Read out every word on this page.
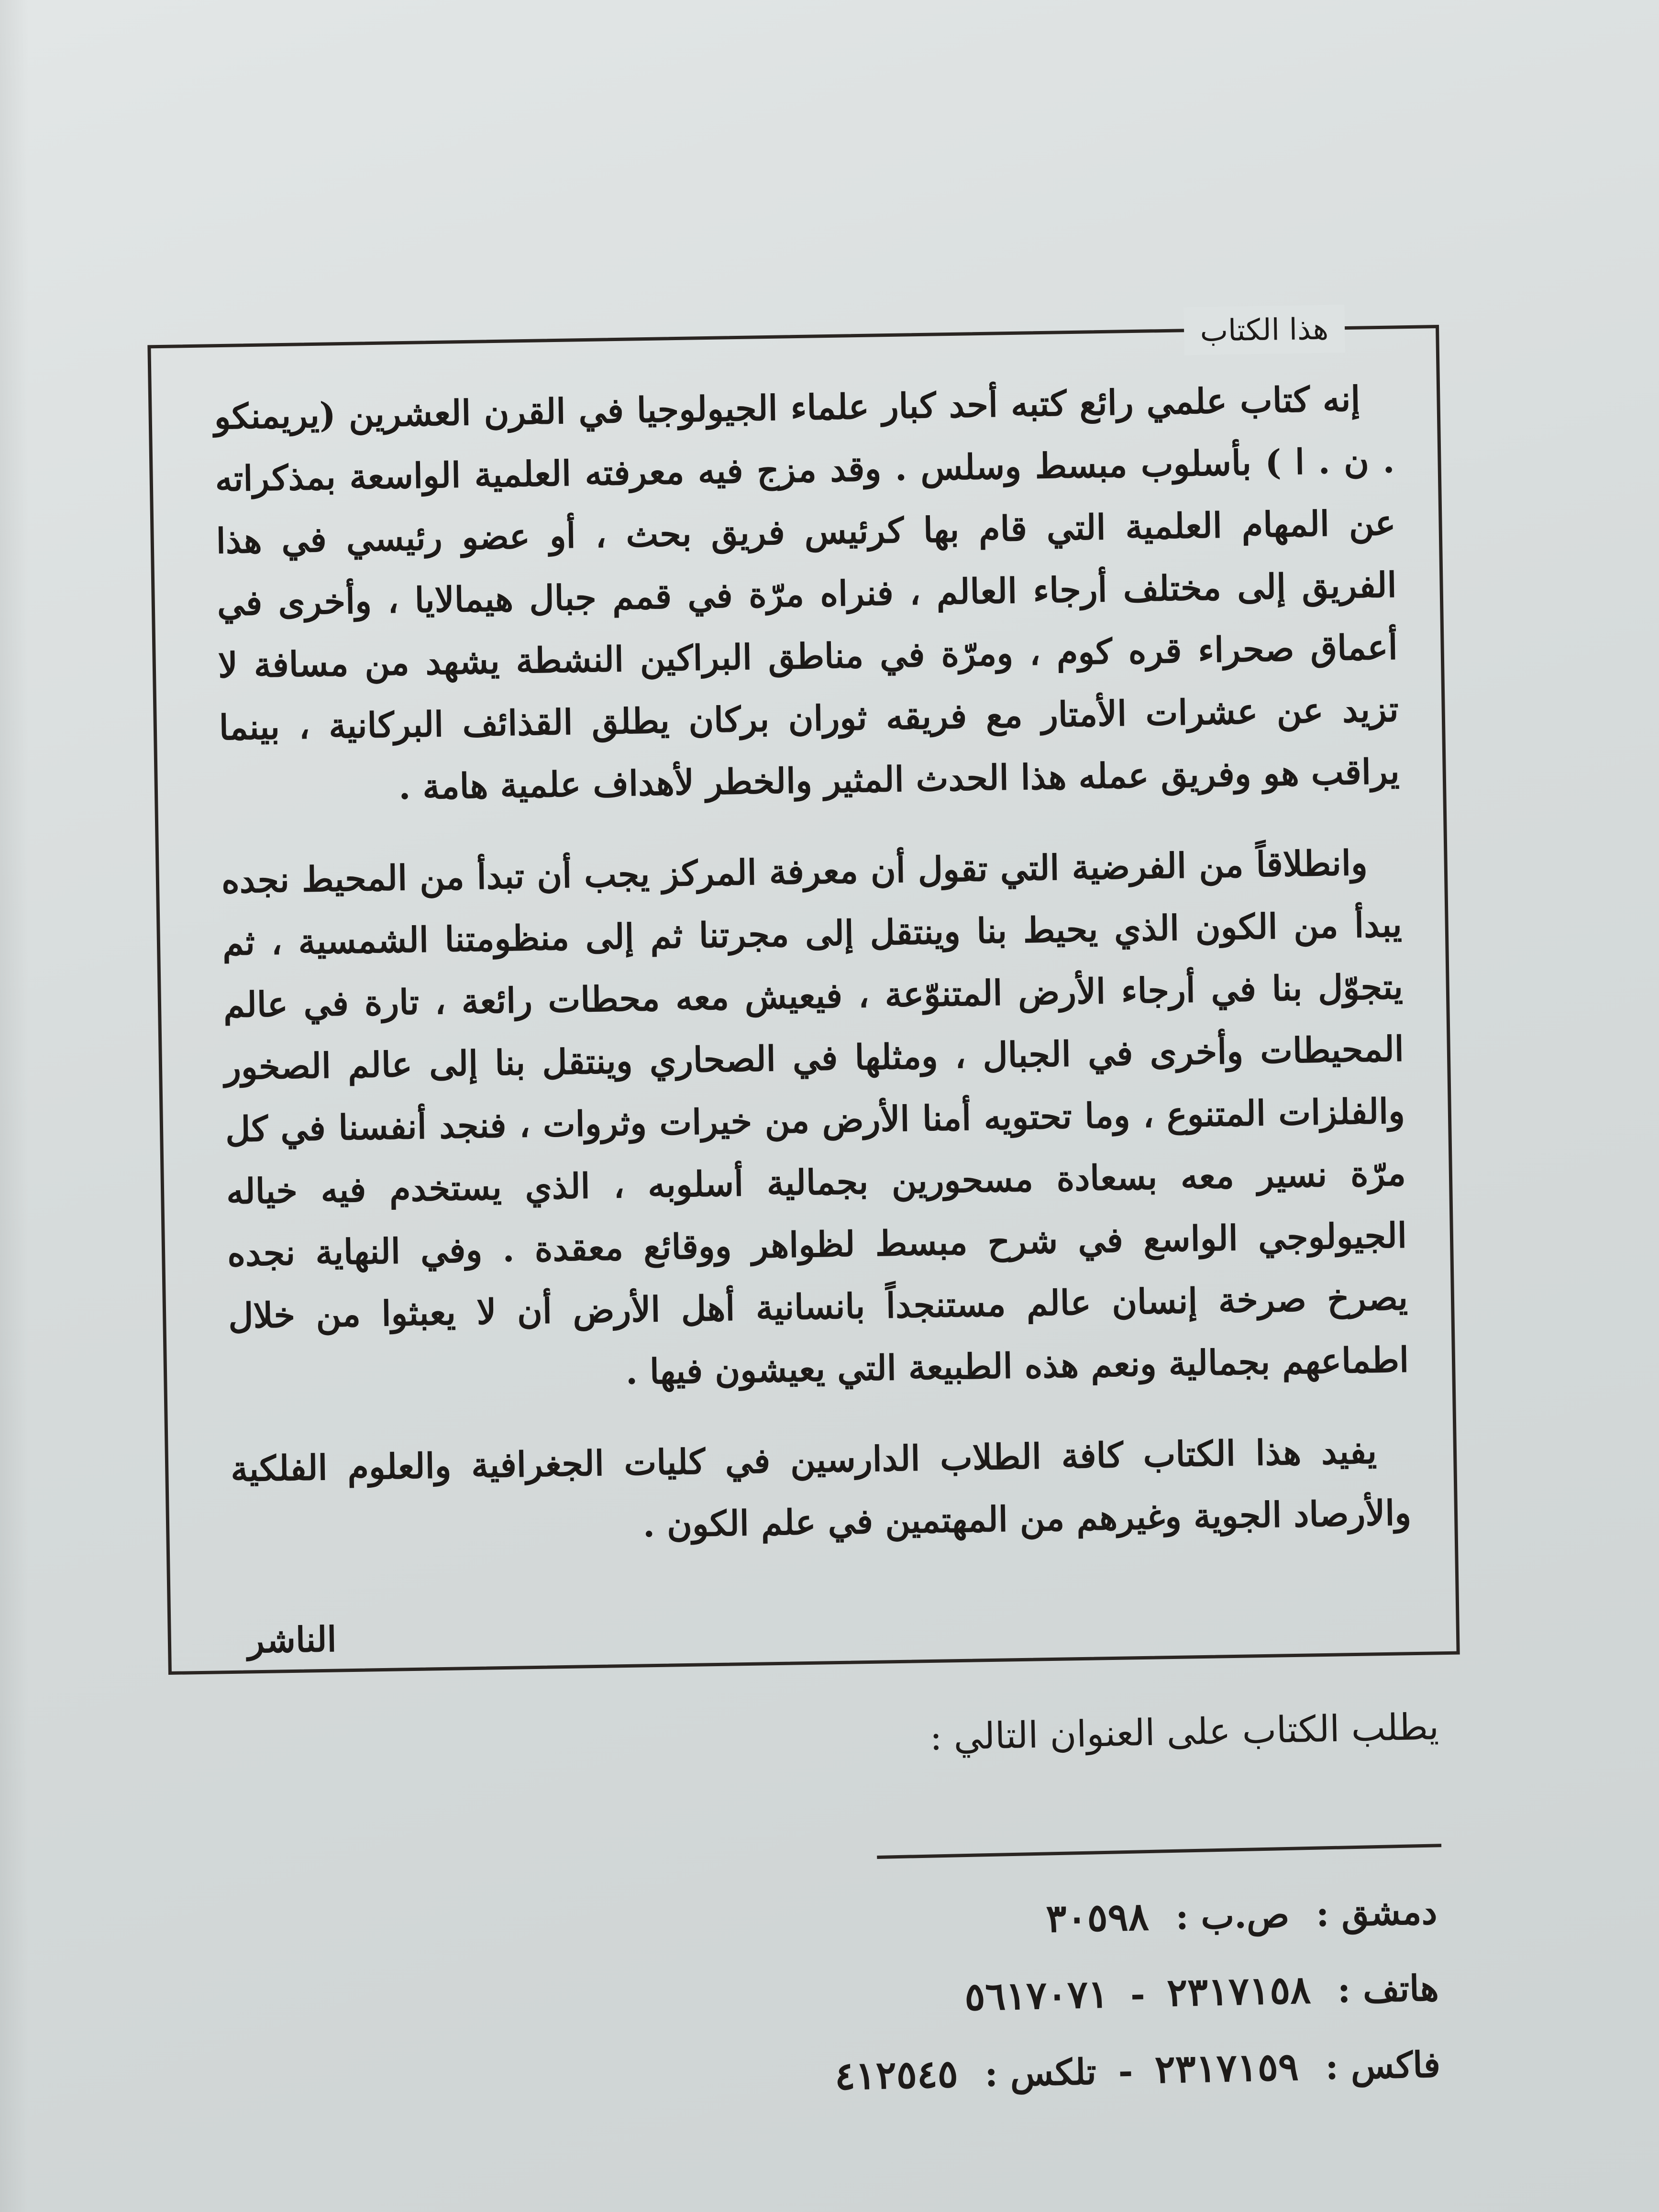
هذا الكتاب

إنه كتاب علمي رائع كتبه أحد كبار علماء الجيولوجيا في القرن العشرين (يريمنكو . ن . ا ) بأسلوب مبسط وسلس . وقد مزج فيه معرفته العلمية الواسعة بمذكراته عن المهام العلمية التي قام بها كرئيس فريق بحث ، أو عضو رئيسي في هذا الفريق إلى مختلف أرجاء العالم ، فنراه مرّة في قمم جبال هيمالايا ، وأخرى في أعماق صحراء قره كوم ، ومرّة في مناطق البراكين النشطة يشهد من مسافة لا تزيد عن عشرات الأمتار مع فريقه ثوران بركان يطلق القذائف البركانية ، بينما يراقب هو وفريق عمله هذا الحدث المثير والخطر لأهداف علمية هامة .

وانطلاقاً من الفرضية التي تقول أن معرفة المركز يجب أن تبدأ من المحيط نجده يبدأ من الكون الذي يحيط بنا وينتقل إلى مجرتنا ثم إلى منظومتنا الشمسية ، ثم يتجوّل بنا في أرجاء الأرض المتنوّعة ، فيعيش معه محطات رائعة ، تارة في عالم المحيطات وأخرى في الجبال ، ومثلها في الصحاري وينتقل بنا إلى عالم الصخور والفلزات المتنوع ، وما تحتويه أمنا الأرض من خيرات وثروات ، فنجد أنفسنا في كل مرّة نسير معه بسعادة مسحورين بجمالية أسلوبه ، الذي يستخدم فيه خياله الجيولوجي الواسع في شرح مبسط لظواهر ووقائع معقدة . وفي النهاية نجده يصرخ صرخة إنسان عالم مستنجداً بانسانية أهل الأرض أن لا يعبثوا من خلال اطماعهم بجمالية ونعم هذه الطبيعة التي يعيشون فيها .

يفيد هذا الكتاب كافة الطلاب الدارسين في كليات الجغرافية والعلوم الفلكية والأرصاد الجوية وغيرهم من المهتمين في علم الكون .

الناشر
يطلب الكتاب على العنوان التالي :
دمشق : ص.ب : ٣٠٥٩٨
هاتف : ٢٣١٧١٥٨ - ٥٦١٧٠٧١
فاكس : ٢٣١٧١٥٩ - تلكس : ٤١٢٥٤٥
